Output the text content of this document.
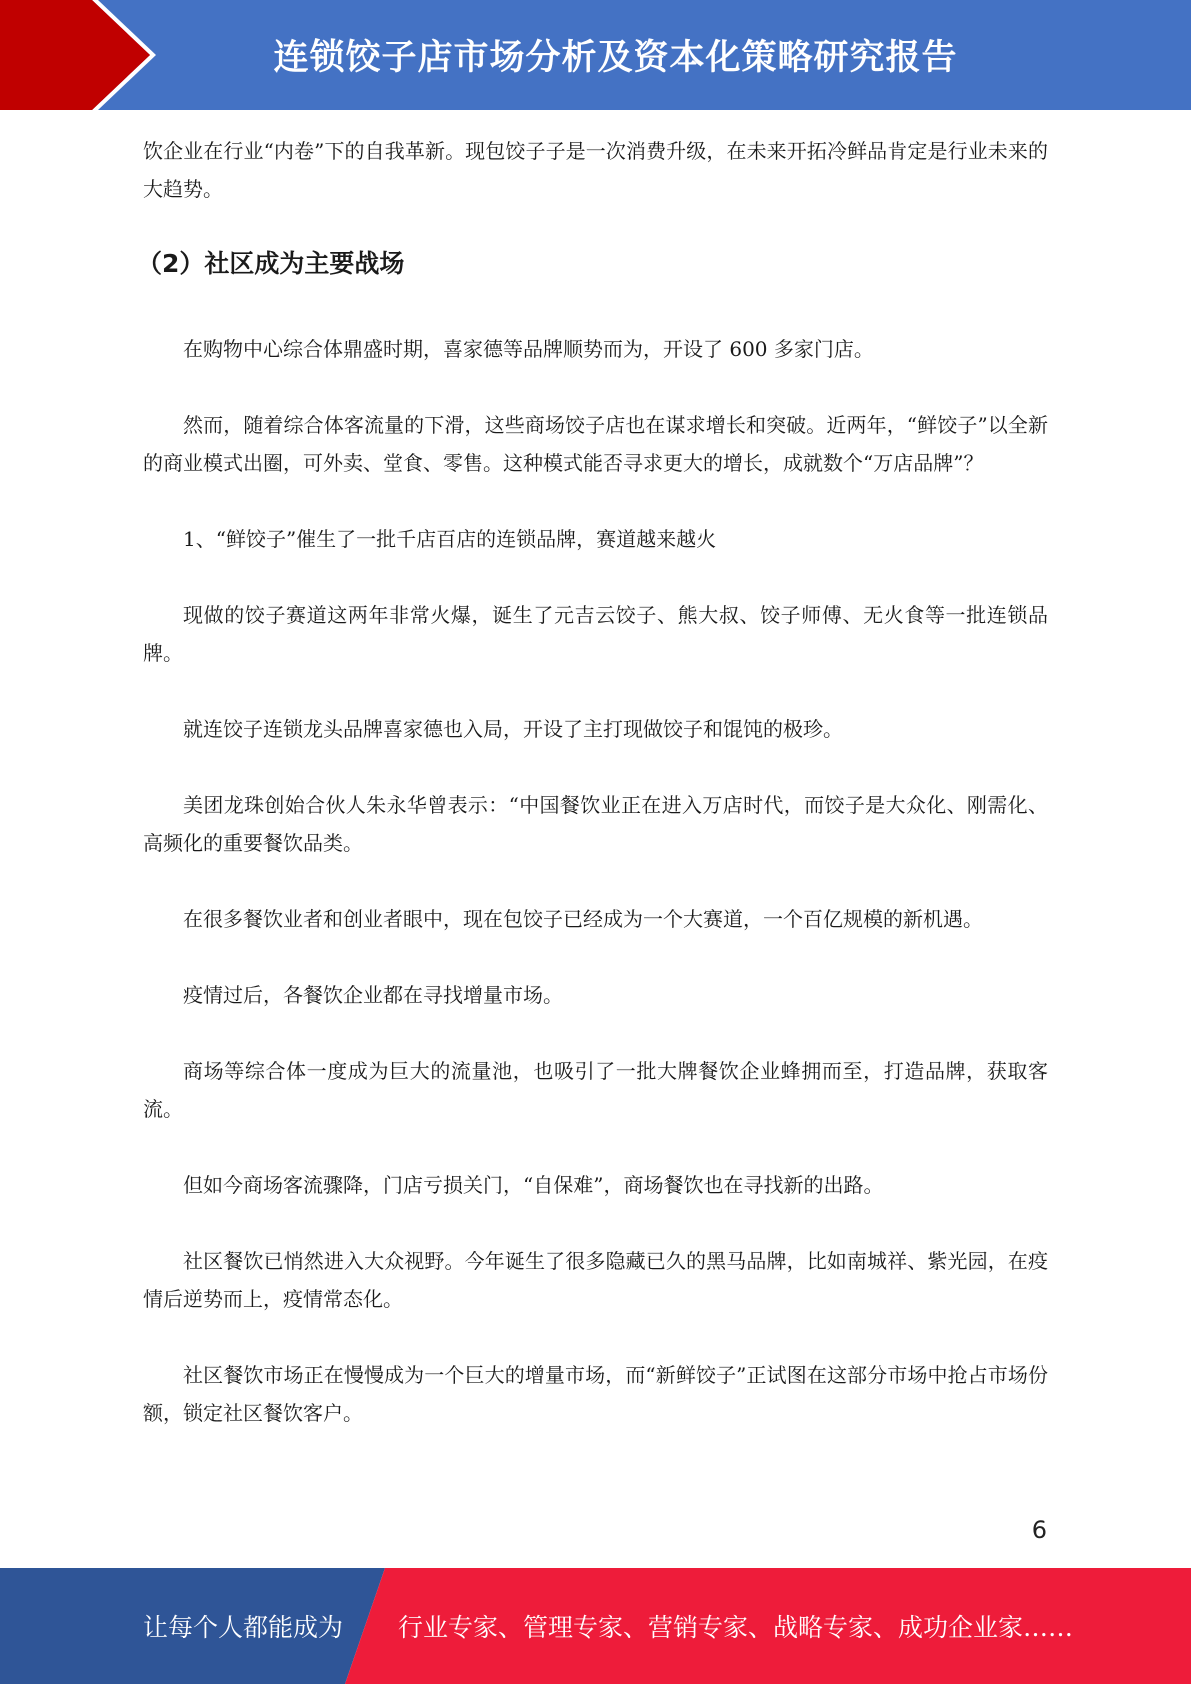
连锁饺子店市场分析及资本化策略研究报告

饮企业在行业“内卷”下的自我革新。现包饺子子是一次消费升级，在未来开拓冷鲜品肯定是行业未来的大趋势。

（2）社区成为主要战场

在购物中心综合体鼎盛时期，喜家德等品牌顺势而为，开设了 600 多家门店。

然而，随着综合体客流量的下滑，这些商场饺子店也在谋求增长和突破。近两年，“鲜饺子”以全新的商业模式出圈，可外卖、堂食、零售。这种模式能否寻求更大的增长，成就数个“万店品牌”？

1、“鲜饺子”催生了一批千店百店的连锁品牌，赛道越来越火

现做的饺子赛道这两年非常火爆，诞生了元吉云饺子、熊大叔、饺子师傅、无火食等一批连锁品牌。

就连饺子连锁龙头品牌喜家德也入局，开设了主打现做饺子和馄饨的极珍。

美团龙珠创始合伙人朱永华曾表示：“中国餐饮业正在进入万店时代，而饺子是大众化、刚需化、高频化的重要餐饮品类。

在很多餐饮业者和创业者眼中，现在包饺子已经成为一个大赛道，一个百亿规模的新机遇。

疫情过后，各餐饮企业都在寻找增量市场。

商场等综合体一度成为巨大的流量池，也吸引了一批大牌餐饮企业蜂拥而至，打造品牌，获取客流。

但如今商场客流骤降，门店亏损关门，“自保难”，商场餐饮也在寻找新的出路。

社区餐饮已悄然进入大众视野。今年诞生了很多隐藏已久的黑马品牌，比如南城祥、紫光园，在疫情后逆势而上，疫情常态化。

社区餐饮市场正在慢慢成为一个巨大的增量市场，而“新鲜饺子”正试图在这部分市场中抢占市场份额，锁定社区餐饮客户。

6
让每个人都能成为 行业专家、管理专家、营销专家、战略专家、成功企业家……
